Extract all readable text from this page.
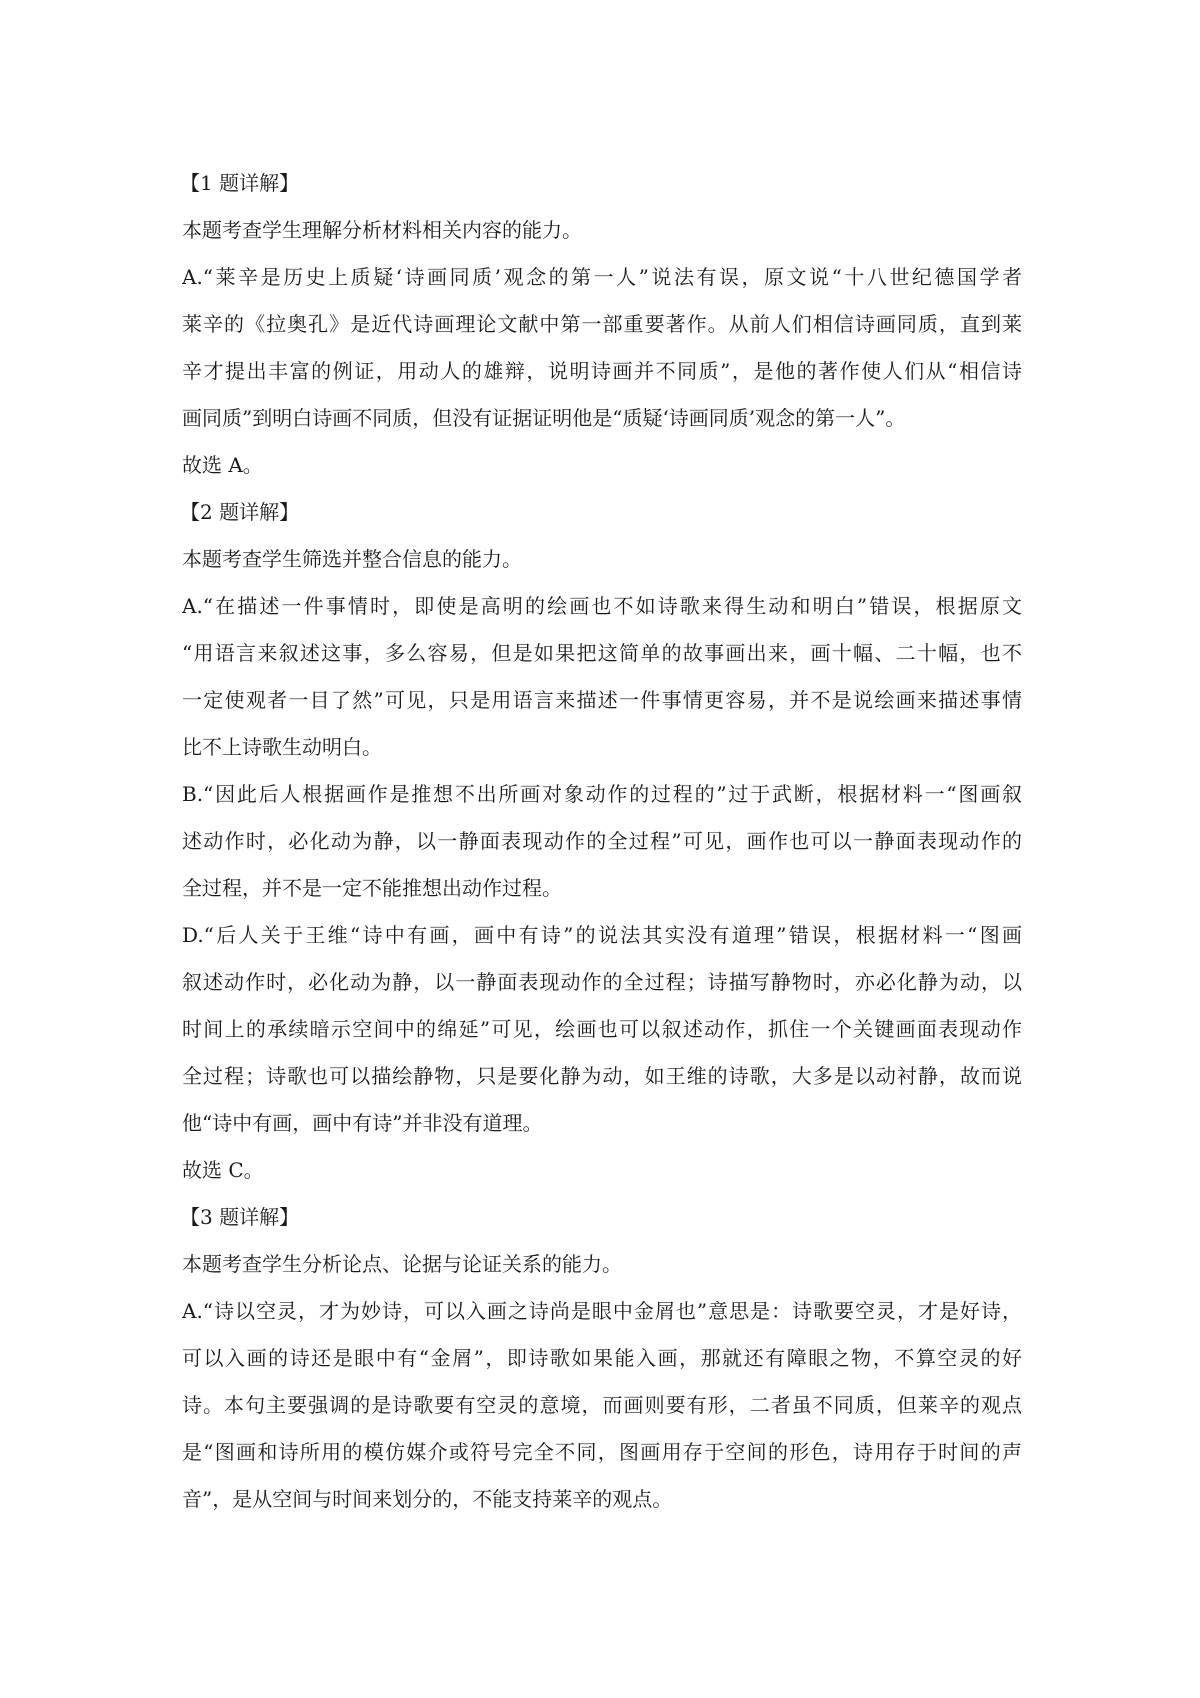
【1 题详解】
本题考查学生理解分析材料相关内容的能力。
A.“莱辛是历史上质疑‘诗画同质’观念的第一人”说法有误，原文说“十八世纪德国学者
莱辛的《拉奥孔》是近代诗画理论文献中第一部重要著作。从前人们相信诗画同质，直到莱
辛才提出丰富的例证，用动人的雄辩，说明诗画并不同质”，是他的著作使人们从“相信诗
画同质”到明白诗画不同质，但没有证据证明他是“质疑‘诗画同质’观念的第一人”。
故选 A。
【2 题详解】
本题考查学生筛选并整合信息的能力。
A.“在描述一件事情时，即使是高明的绘画也不如诗歌来得生动和明白”错误，根据原文
“用语言来叙述这事，多么容易，但是如果把这简单的故事画出来，画十幅、二十幅，也不
一定使观者一目了然”可见，只是用语言来描述一件事情更容易，并不是说绘画来描述事情
比不上诗歌生动明白。
B.“因此后人根据画作是推想不出所画对象动作的过程的”过于武断，根据材料一“图画叙
述动作时，必化动为静，以一静面表现动作的全过程”可见，画作也可以一静面表现动作的
全过程，并不是一定不能推想出动作过程。
D.“后人关于王维“诗中有画，画中有诗”的说法其实没有道理”错误，根据材料一“图画
叙述动作时，必化动为静，以一静面表现动作的全过程；诗描写静物时，亦必化静为动，以
时间上的承续暗示空间中的绵延”可见，绘画也可以叙述动作，抓住一个关键画面表现动作
全过程；诗歌也可以描绘静物，只是要化静为动，如王维的诗歌，大多是以动衬静，故而说
他“诗中有画，画中有诗”并非没有道理。
故选 C。
【3 题详解】
本题考查学生分析论点、论据与论证关系的能力。
A.“诗以空灵，才为妙诗，可以入画之诗尚是眼中金屑也”意思是：诗歌要空灵，才是好诗，
可以入画的诗还是眼中有“金屑”，即诗歌如果能入画，那就还有障眼之物，不算空灵的好
诗。本句主要强调的是诗歌要有空灵的意境，而画则要有形，二者虽不同质，但莱辛的观点
是“图画和诗所用的模仿媒介或符号完全不同，图画用存于空间的形色，诗用存于时间的声
音”，是从空间与时间来划分的，不能支持莱辛的观点。
